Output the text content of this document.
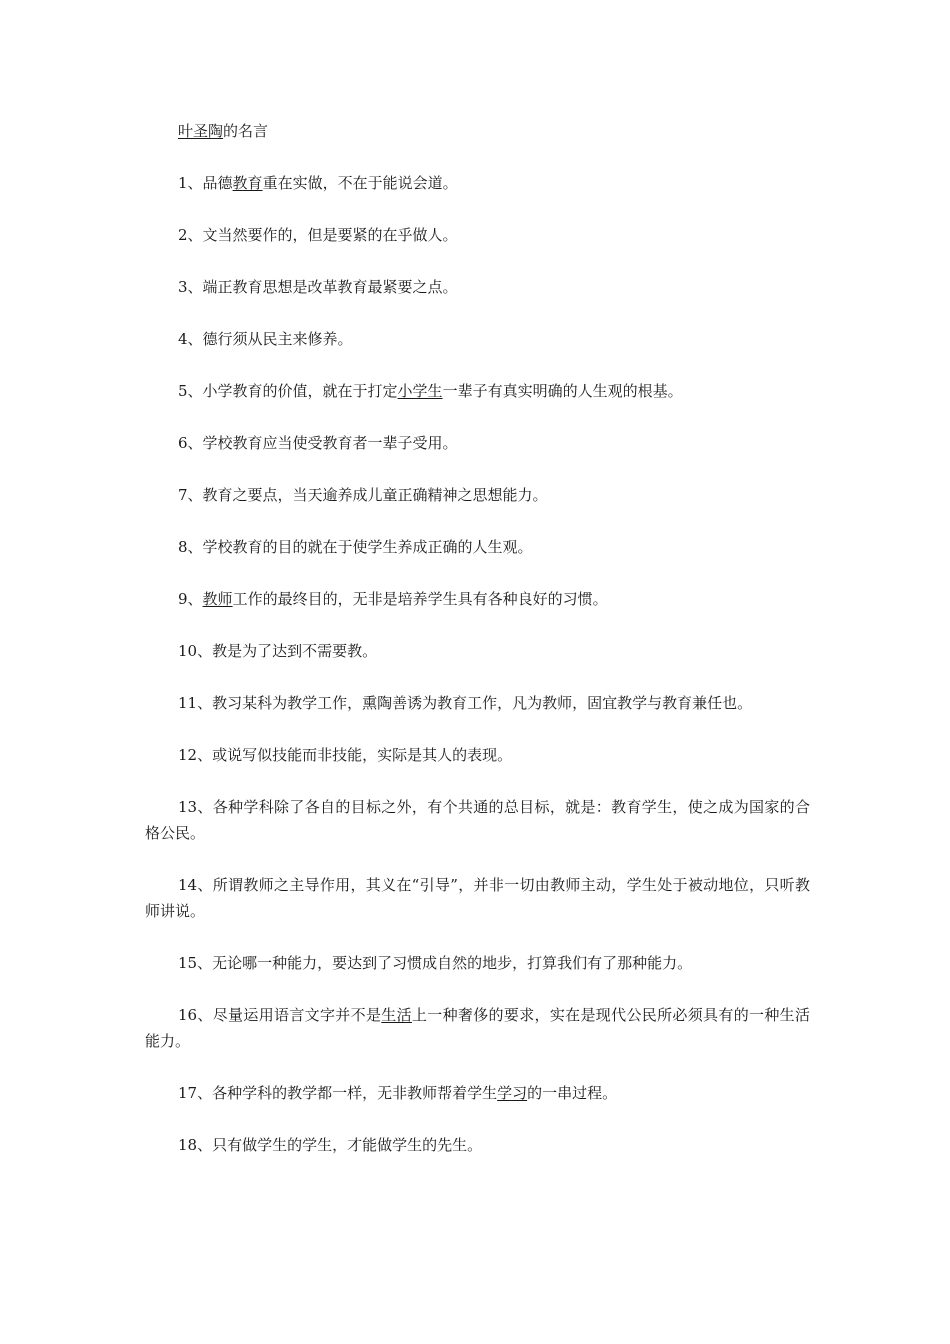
叶圣陶的名言
1、品德教育重在实做，不在于能说会道。
2、文当然要作的，但是要紧的在乎做人。
3、端正教育思想是改革教育最紧要之点。
4、德行须从民主来修养。
5、小学教育的价值，就在于打定小学生一辈子有真实明确的人生观的根基。
6、学校教育应当使受教育者一辈子受用。
7、教育之要点，当天逾养成儿童正确精神之思想能力。
8、学校教育的目的就在于使学生养成正确的人生观。
9、教师工作的最终目的，无非是培养学生具有各种良好的习惯。
10、教是为了达到不需要教。
11、教习某科为教学工作，熏陶善诱为教育工作，凡为教师，固宜教学与教育兼任也。
12、或说写似技能而非技能，实际是其人的表现。
13、各种学科除了各自的目标之外，有个共通的总目标，就是：教育学生，使之成为国家的合格公民。
14、所谓教师之主导作用，其义在“引导”，并非一切由教师主动，学生处于被动地位，只听教师讲说。
15、无论哪一种能力，要达到了习惯成自然的地步，打算我们有了那种能力。
16、尽量运用语言文字并不是生活上一种奢侈的要求，实在是现代公民所必须具有的一种生活能力。
17、各种学科的教学都一样，无非教师帮着学生学习的一串过程。
18、只有做学生的学生，才能做学生的先生。
